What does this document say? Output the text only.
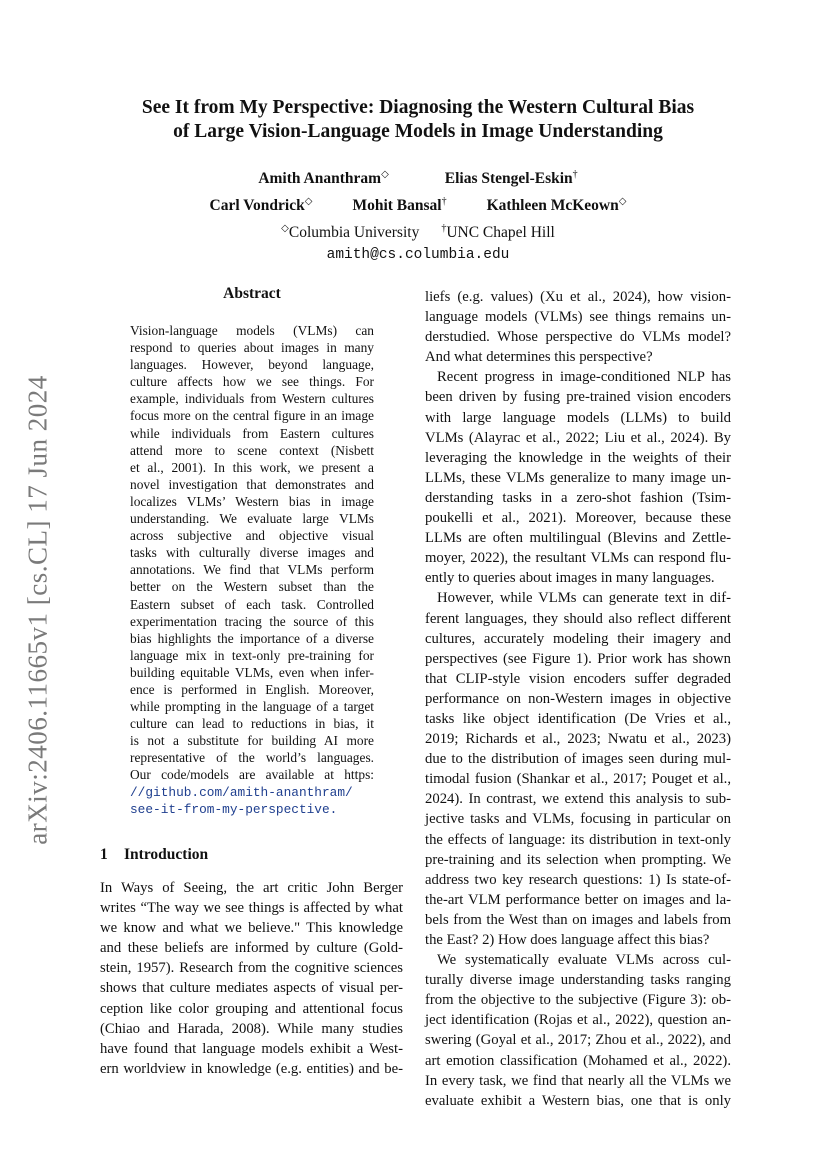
arXiv:2406.11665v1 [cs.CL] 17 Jun 2024
See It from My Perspective: Diagnosing the Western Cultural Bias
of Large Vision-Language Models in Image Understanding
Amith Ananthram◇	Elias Stengel-Eskin†
Carl Vondrick◇	Mohit Bansal†	Kathleen McKeown◇
◇Columbia University †UNC Chapel Hill
amith@cs.columbia.edu
Abstract
Vision-language models (VLMs) can
respond to queries about images in many
languages. However, beyond language,
culture affects how we see things. For
example, individuals from Western cultures
focus more on the central figure in an image
while individuals from Eastern cultures
attend more to scene context (Nisbett
et al., 2001). In this work, we present a
novel investigation that demonstrates and
localizes VLMs’ Western bias in image
understanding. We evaluate large VLMs
across subjective and objective visual
tasks with culturally diverse images and
annotations. We find that VLMs perform
better on the Western subset than the
Eastern subset of each task. Controlled
experimentation tracing the source of this
bias highlights the importance of a diverse
language mix in text-only pre-training for
building equitable VLMs, even when infer-
ence is performed in English. Moreover,
while prompting in the language of a target
culture can lead to reductions in bias, it
is not a substitute for building AI more
representative of the world’s languages.
Our code/models are available at https:
//github.com/amith-ananthram/
see-it-from-my-perspective.
1 Introduction
In Ways of Seeing, the art critic John Berger
writes “The way we see things is affected by what
we know and what we believe." This knowledge
and these beliefs are informed by culture (Gold-
stein, 1957). Research from the cognitive sciences
shows that culture mediates aspects of visual per-
ception like color grouping and attentional focus
(Chiao and Harada, 2008). While many studies
have found that language models exhibit a West-
ern worldview in knowledge (e.g. entities) and be-
liefs (e.g. values) (Xu et al., 2024), how vision-
language models (VLMs) see things remains un-
derstudied. Whose perspective do VLMs model?
And what determines this perspective?
Recent progress in image-conditioned NLP has
been driven by fusing pre-trained vision encoders
with large language models (LLMs) to build
VLMs (Alayrac et al., 2022; Liu et al., 2024). By
leveraging the knowledge in the weights of their
LLMs, these VLMs generalize to many image un-
derstanding tasks in a zero-shot fashion (Tsim-
poukelli et al., 2021). Moreover, because these
LLMs are often multilingual (Blevins and Zettle-
moyer, 2022), the resultant VLMs can respond flu-
ently to queries about images in many languages.
However, while VLMs can generate text in dif-
ferent languages, they should also reflect different
cultures, accurately modeling their imagery and
perspectives (see Figure 1). Prior work has shown
that CLIP-style vision encoders suffer degraded
performance on non-Western images in objective
tasks like object identification (De Vries et al.,
2019; Richards et al., 2023; Nwatu et al., 2023)
due to the distribution of images seen during mul-
timodal fusion (Shankar et al., 2017; Pouget et al.,
2024). In contrast, we extend this analysis to sub-
jective tasks and VLMs, focusing in particular on
the effects of language: its distribution in text-only
pre-training and its selection when prompting. We
address two key research questions: 1) Is state-of-
the-art VLM performance better on images and la-
bels from the West than on images and labels from
the East? 2) How does language affect this bias?
We systematically evaluate VLMs across cul-
turally diverse image understanding tasks ranging
from the objective to the subjective (Figure 3): ob-
ject identification (Rojas et al., 2022), question an-
swering (Goyal et al., 2017; Zhou et al., 2022), and
art emotion classification (Mohamed et al., 2022).
In every task, we find that nearly all the VLMs we
evaluate exhibit a Western bias, one that is only
